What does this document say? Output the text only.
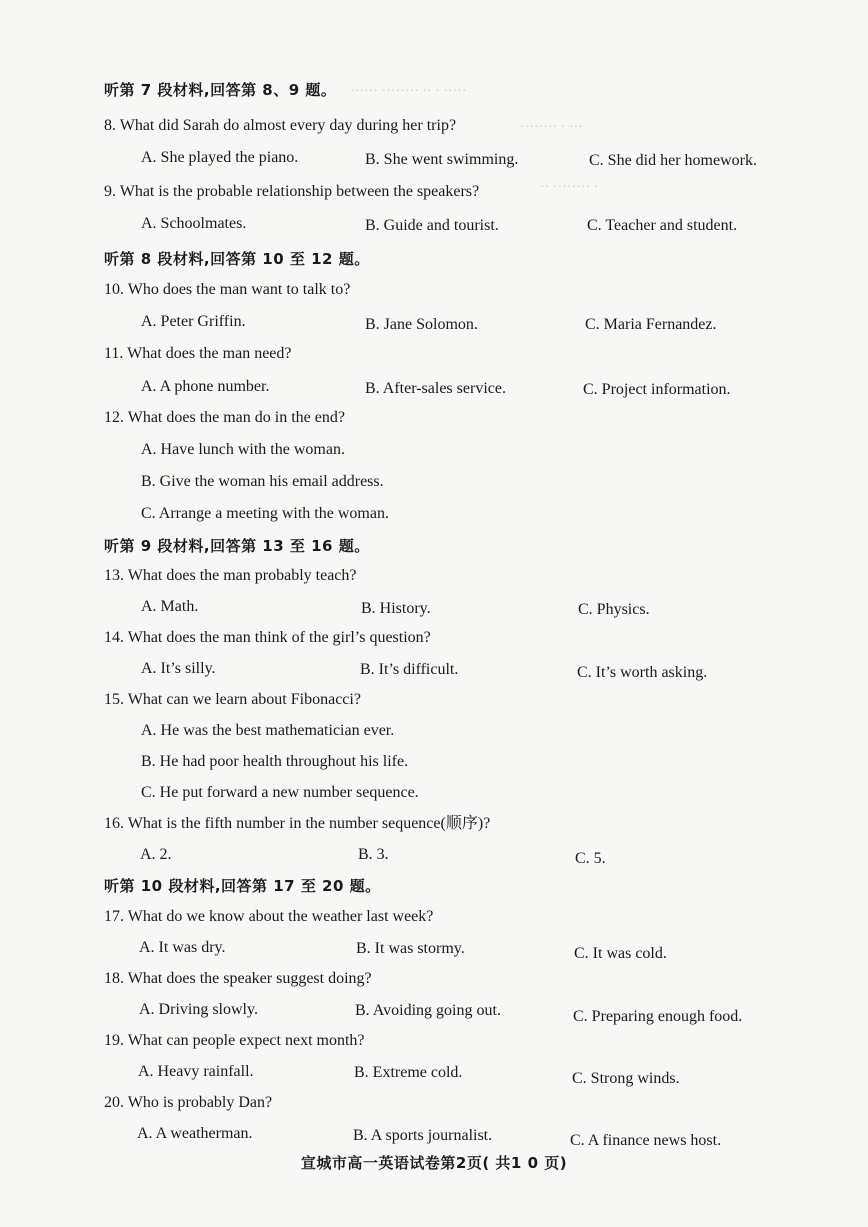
······ ········ ·· · ·····
········ · ···
·· ········ ·
听第 7 段材料,回答第 8、9 题。
8. What did Sarah do almost every day during her trip?
A. She played the piano.	B. She went swimming.	C. She did her homework.
9. What is the probable relationship between the speakers?
A. Schoolmates.	B. Guide and tourist.	C. Teacher and student.
听第 8 段材料,回答第 10 至 12 题。
10. Who does the man want to talk to?
A. Peter Griffin.	B. Jane Solomon.	C. Maria Fernandez.
11. What does the man need?
A. A phone number.	B. After-sales service.	C. Project information.
12. What does the man do in the end?
A. Have lunch with the woman.
B. Give the woman his email address.
C. Arrange a meeting with the woman.
听第 9 段材料,回答第 13 至 16 题。
13. What does the man probably teach?
A. Math.	B. History.	C. Physics.
14. What does the man think of the girl’s question?
A. It’s silly.	B. It’s difficult.	C. It’s worth asking.
15. What can we learn about Fibonacci?
A. He was the best mathematician ever.
B. He had poor health throughout his life.
C. He put forward a new number sequence.
16. What is the fifth number in the number sequence(顺序)?
A. 2.	B. 3.	C. 5.
听第 10 段材料,回答第 17 至 20 题。
17. What do we know about the weather last week?
A. It was dry.	B. It was stormy.	C. It was cold.
18. What does the speaker suggest doing?
A. Driving slowly.	B. Avoiding going out.	C. Preparing enough food.
19. What can people expect next month?
A. Heavy rainfall.	B. Extreme cold.	C. Strong winds.
20. Who is probably Dan?
A. A weatherman.	B. A sports journalist.	C. A finance news host.
宣城市高一英语试卷第2页( 共1 0 页)
